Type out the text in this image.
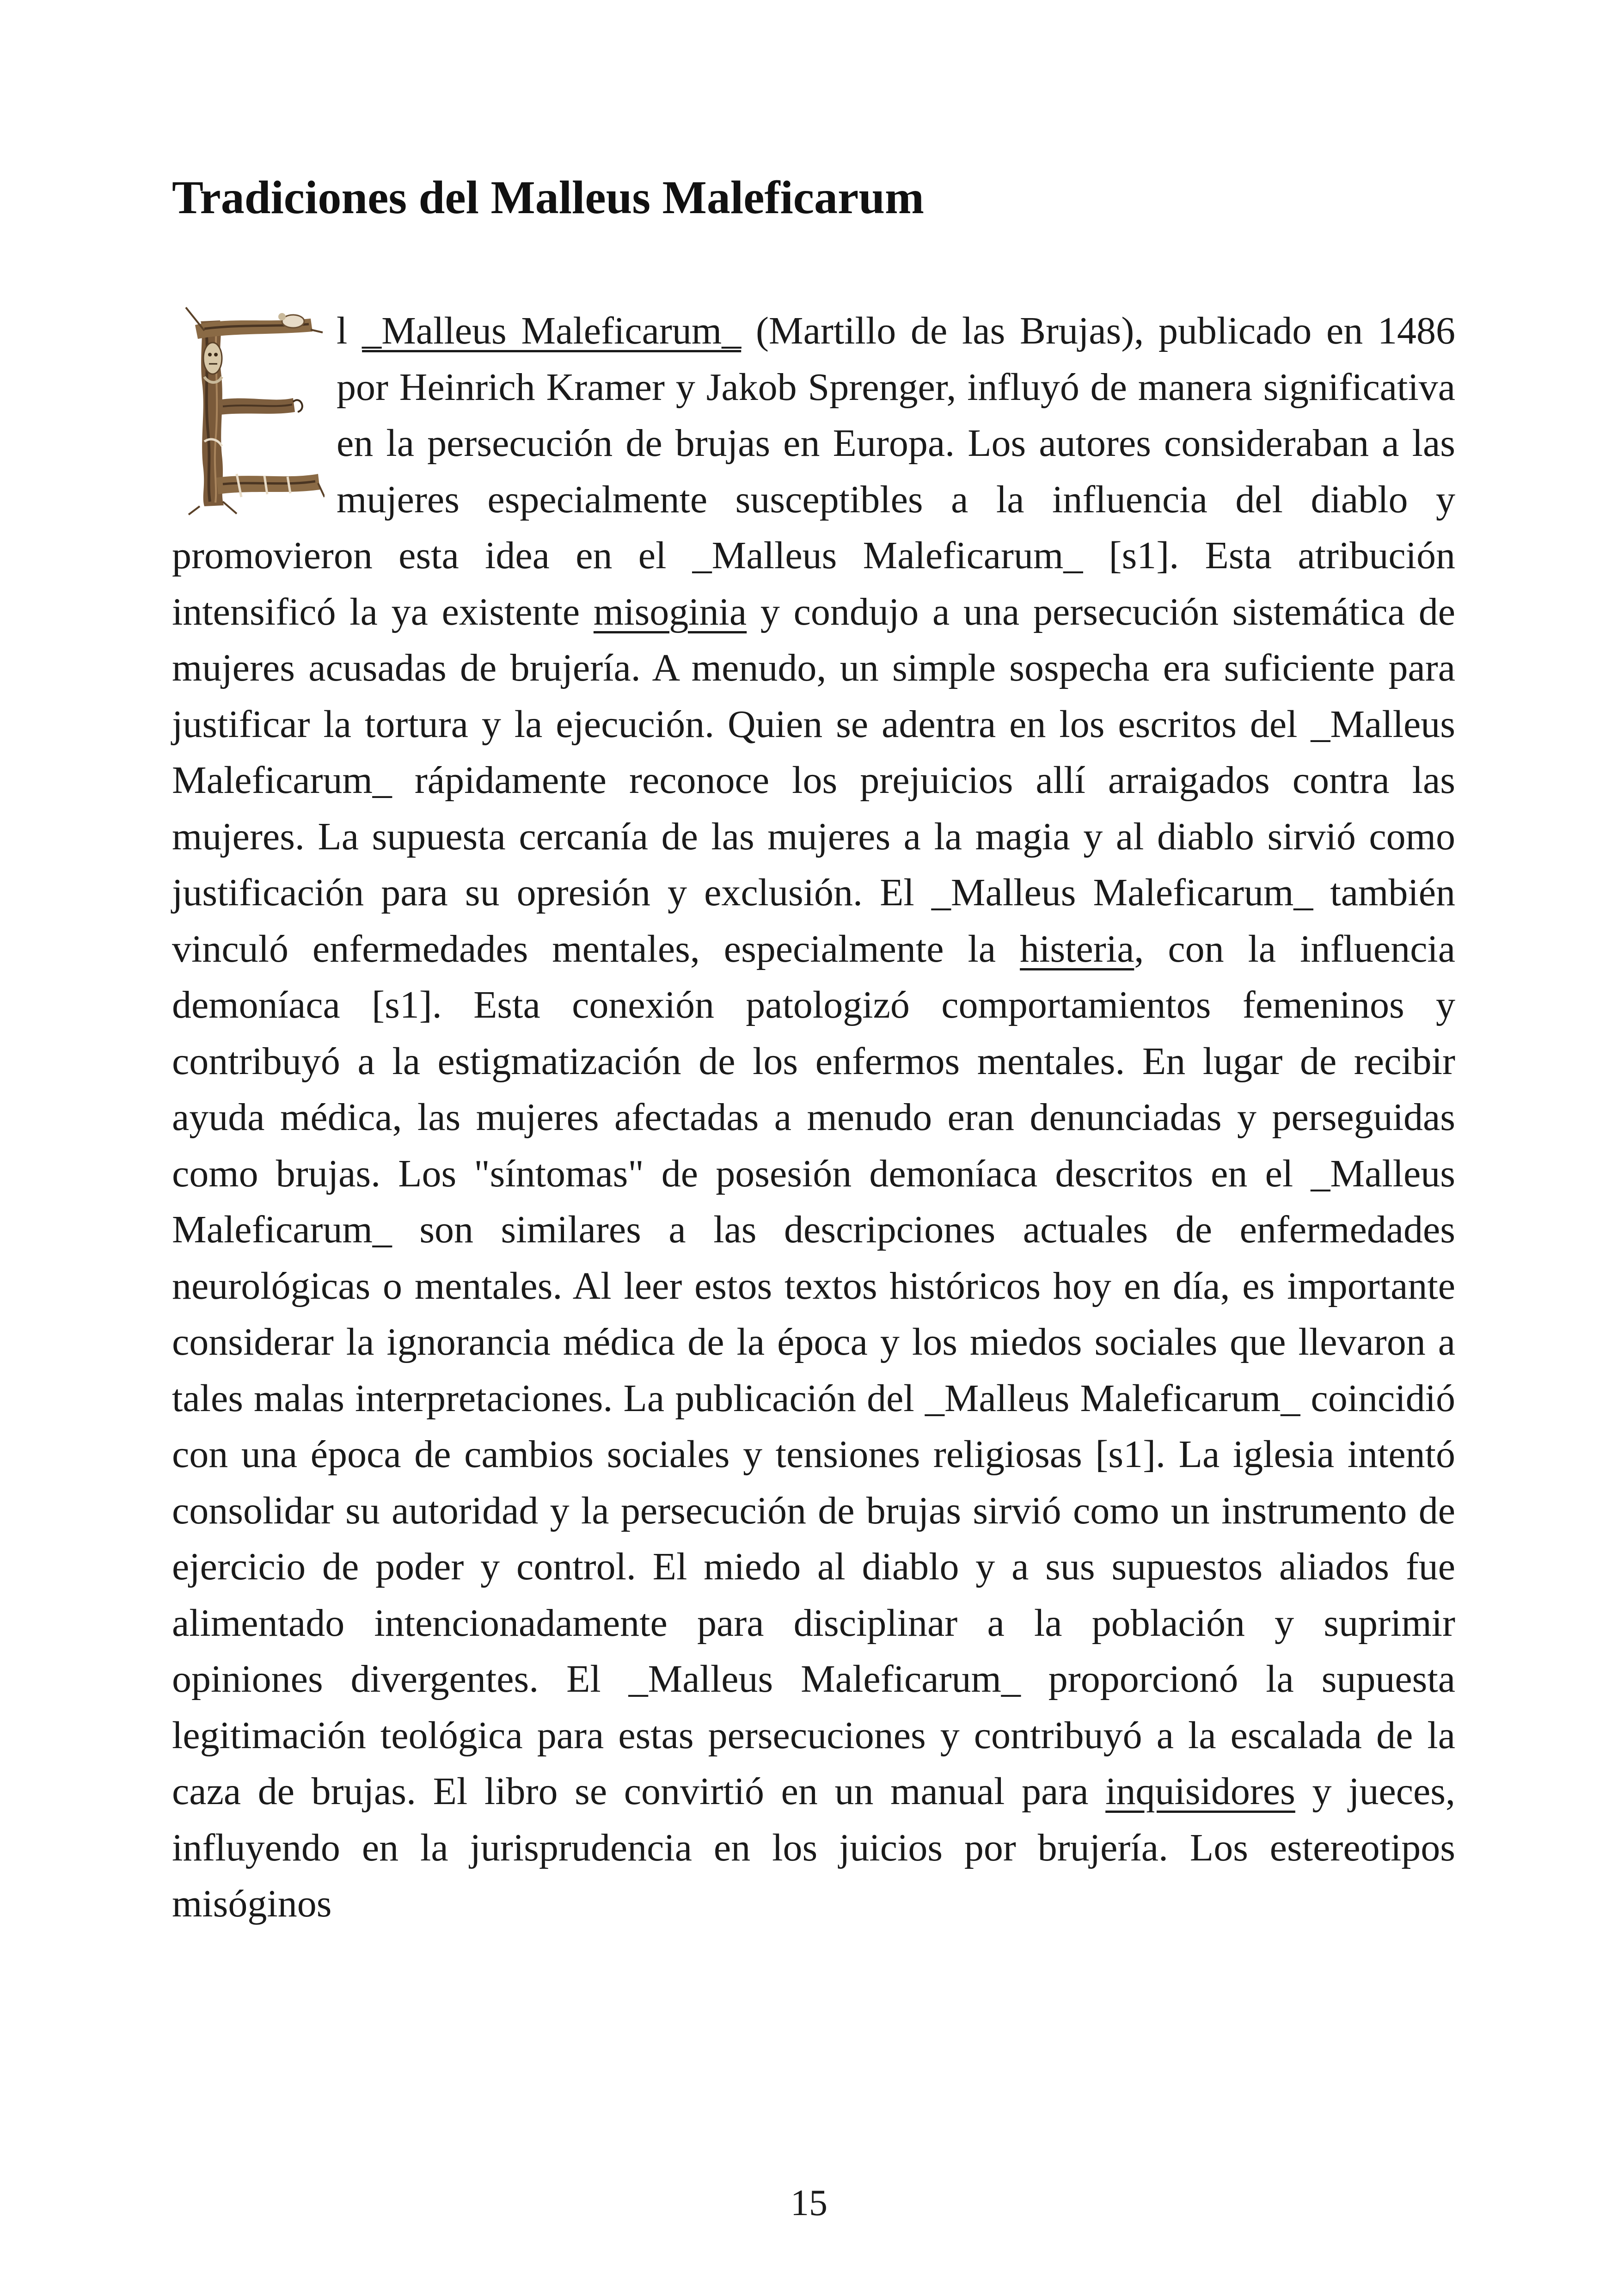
Tradiciones del Malleus Maleficarum

l _Malleus Maleficarum_ (Martillo de las Brujas), publicado en 1486 por Heinrich Kramer y Jakob Sprenger, influyó de manera significativa en la persecución de brujas en Europa. Los autores consideraban a las mujeres especialmente susceptibles a la influencia del diablo y promovieron esta idea en el _Malleus Maleficarum_ [s1]. Esta atribución intensificó la ya existente misoginia y condujo a una persecución sistemática de mujeres acusadas de brujería. A menudo, un simple sospecha era suficiente para justificar la tortura y la ejecución. Quien se adentra en los escritos del _Malleus Maleficarum_ rápidamente reconoce los prejuicios allí arraigados contra las mujeres. La supuesta cercanía de las mujeres a la magia y al diablo sirvió como justificación para su opresión y exclusión. El _Malleus Maleficarum_ también vinculó enfermedades mentales, especialmente la histeria, con la influencia demoníaca [s1]. Esta conexión patologizó comportamientos femeninos y contribuyó a la estigmatización de los enfermos mentales. En lugar de recibir ayuda médica, las mujeres afectadas a menudo eran denunciadas y perseguidas como brujas. Los "síntomas" de posesión demoníaca descritos en el _Malleus Maleficarum_ son similares a las descripciones actuales de enfermedades neurológicas o mentales. Al leer estos textos históricos hoy en día, es importante considerar la ignorancia médica de la época y los miedos sociales que llevaron a tales malas interpretaciones. La publicación del _Malleus Maleficarum_ coincidió con una época de cambios sociales y tensiones religiosas [s1]. La iglesia intentó consolidar su autoridad y la persecución de brujas sirvió como un instrumento de ejercicio de poder y control. El miedo al diablo y a sus supuestos aliados fue alimentado intencionadamente para disciplinar a la población y suprimir opiniones divergentes. El _Malleus Maleficarum_ proporcionó la supuesta legitimación teológica para estas persecuciones y contribuyó a la escalada de la caza de brujas. El libro se convirtió en un manual para inquisidores y jueces, influyendo en la jurisprudencia en los juicios por brujería. Los estereotipos misóginos

15
